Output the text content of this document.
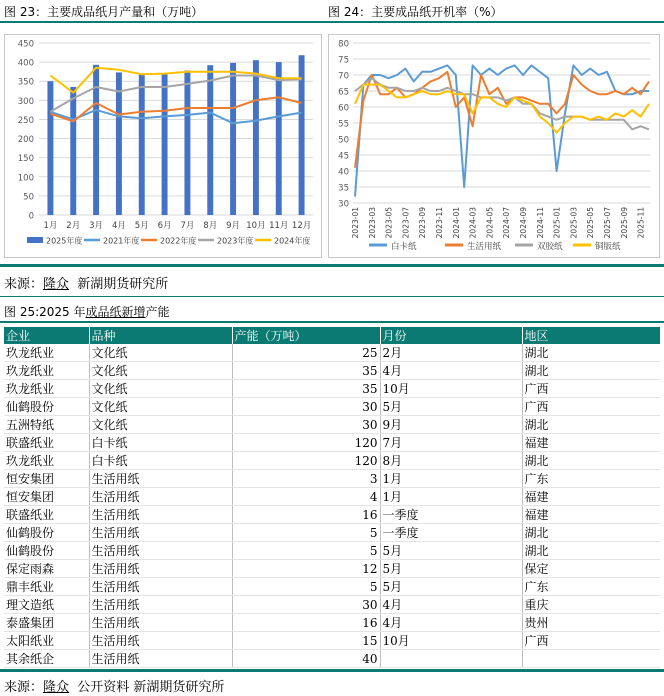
图 23：主要成品纸月产量和（万吨）	图 24：主要成品纸开机率（%）
0
50
100
150
200
250
300
350
400
450
1月 2月 3月 4月 5月 6月 7月 8月 9月 10月 11月 12月
2025年度	2021年度	2022年度	2023年度	2024年度
30
35
40
45
50
55
60
65
70
75
80
2023-01 2023-03 2023-05 2023-07 2023-09 2023-11 2024-01 2024-03 2024-05 2024-07 2024-09 2024-11 2025-01 2025-03 2025-05 2025-07 2025-09 2025-11
白卡纸	生活用纸	双胶纸	铜版纸
来源：隆众 新湖期货研究所
图 25:2025 年成品纸新增产能
企业	品种	产能（万吨）	月份	地区
玖龙纸业	文化纸	25	2月	湖北
玖龙纸业	文化纸	35	4月	湖北
玖龙纸业	文化纸	35	10月	广西
仙鹤股份	文化纸	30	5月	广西
五洲特纸	文化纸	30	9月	湖北
联盛纸业	白卡纸	120	7月	福建
玖龙纸业	白卡纸	120	8月	湖北
恒安集团	生活用纸	3	1月	广东
恒安集团	生活用纸	4	1月	福建
联盛纸业	生活用纸	16	一季度	福建
仙鹤股份	生活用纸	5	一季度	湖北
仙鹤股份	生活用纸	5	5月	湖北
保定雨森	生活用纸	12	5月	保定
鼎丰纸业	生活用纸	5	5月	广东
理文造纸	生活用纸	30	4月	重庆
泰盛集团	生活用纸	16	4月	贵州
太阳纸业	生活用纸	15	10月	广西
其余纸企	生活用纸	40		
来源：隆众 公开资料 新湖期货研究所
